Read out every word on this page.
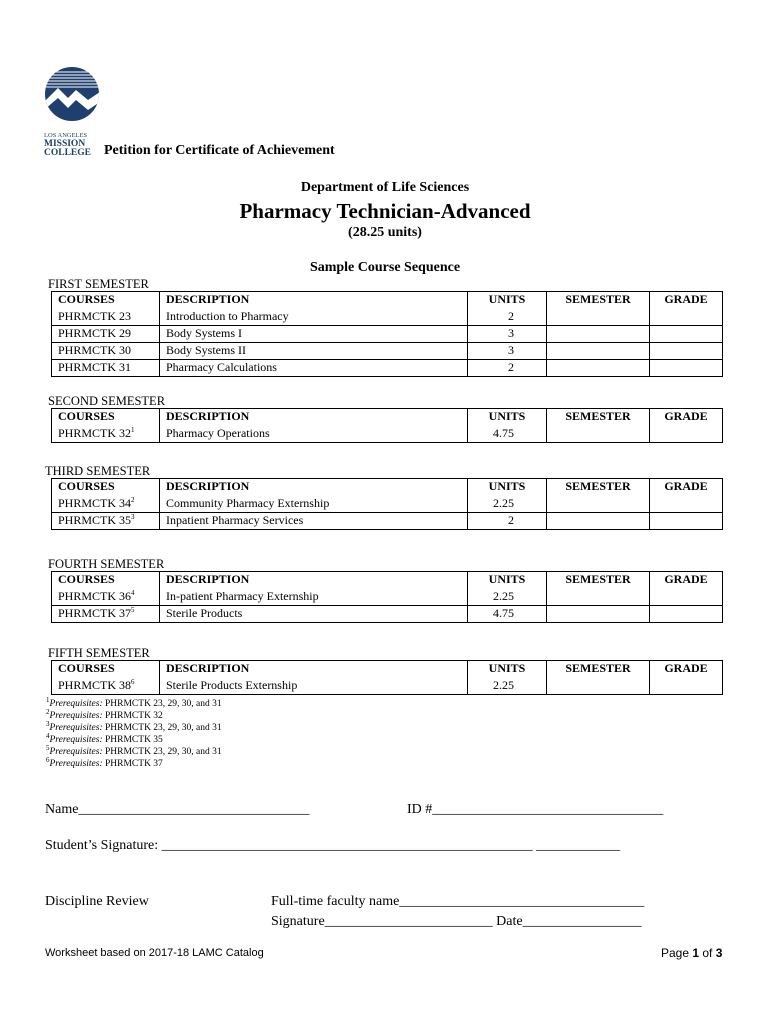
LOS ANGELES
MISSION
COLLEGE Petition for Certificate of Achievement
Department of Life Sciences
Pharmacy Technician-Advanced
(28.25 units)
Sample Course Sequence
FIRST SEMESTER
COURSES	DESCRIPTION	UNITS	SEMESTER	GRADE
PHRMCTK 23	Introduction to Pharmacy	2		
PHRMCTK 29	Body Systems I	3		
PHRMCTK 30	Body Systems II	3		
PHRMCTK 31	Pharmacy Calculations	2		
SECOND SEMESTER
COURSES	DESCRIPTION	UNITS	SEMESTER	GRADE
PHRMCTK $32^1$	Pharmacy Operations	4.75		
THIRD SEMESTER
COURSES	DESCRIPTION	UNITS	SEMESTER	GRADE
PHRMCTK $34^2$	Community Pharmacy Externship	2.25		
PHRMCTK $35^3$	Inpatient Pharmacy Services	2		
FOURTH SEMESTER
COURSES	DESCRIPTION	UNITS	SEMESTER	GRADE
PHRMCTK $36^4$	In-patient Pharmacy Externship	2.25		
PHRMCTK $37^5$	Sterile Products	4.75		
FIFTH SEMESTER
COURSES	DESCRIPTION	UNITS	SEMESTER	GRADE
PHRMCTK $38^6$	Sterile Products Externship	2.25		
$^1$Prerequisites: PHRMCTK 23, 29, 30, and 31
$^2$Prerequisites: PHRMCTK 32
$^3$Prerequisites: PHRMCTK 23, 29, 30, and 31
$^4$Prerequisites: PHRMCTK 35
$^5$Prerequisites: PHRMCTK 23, 29, 30, and 31
$^6$Prerequisites: PHRMCTK 37
Name_________________________________	ID #_________________________________
Student’s Signature: _____________________________________________________ ____________
Discipline Review	Full-time faculty name___________________________________
Signature________________________ Date_________________
Worksheet based on 2017-18 LAMC Catalog	Page 1 of 3
